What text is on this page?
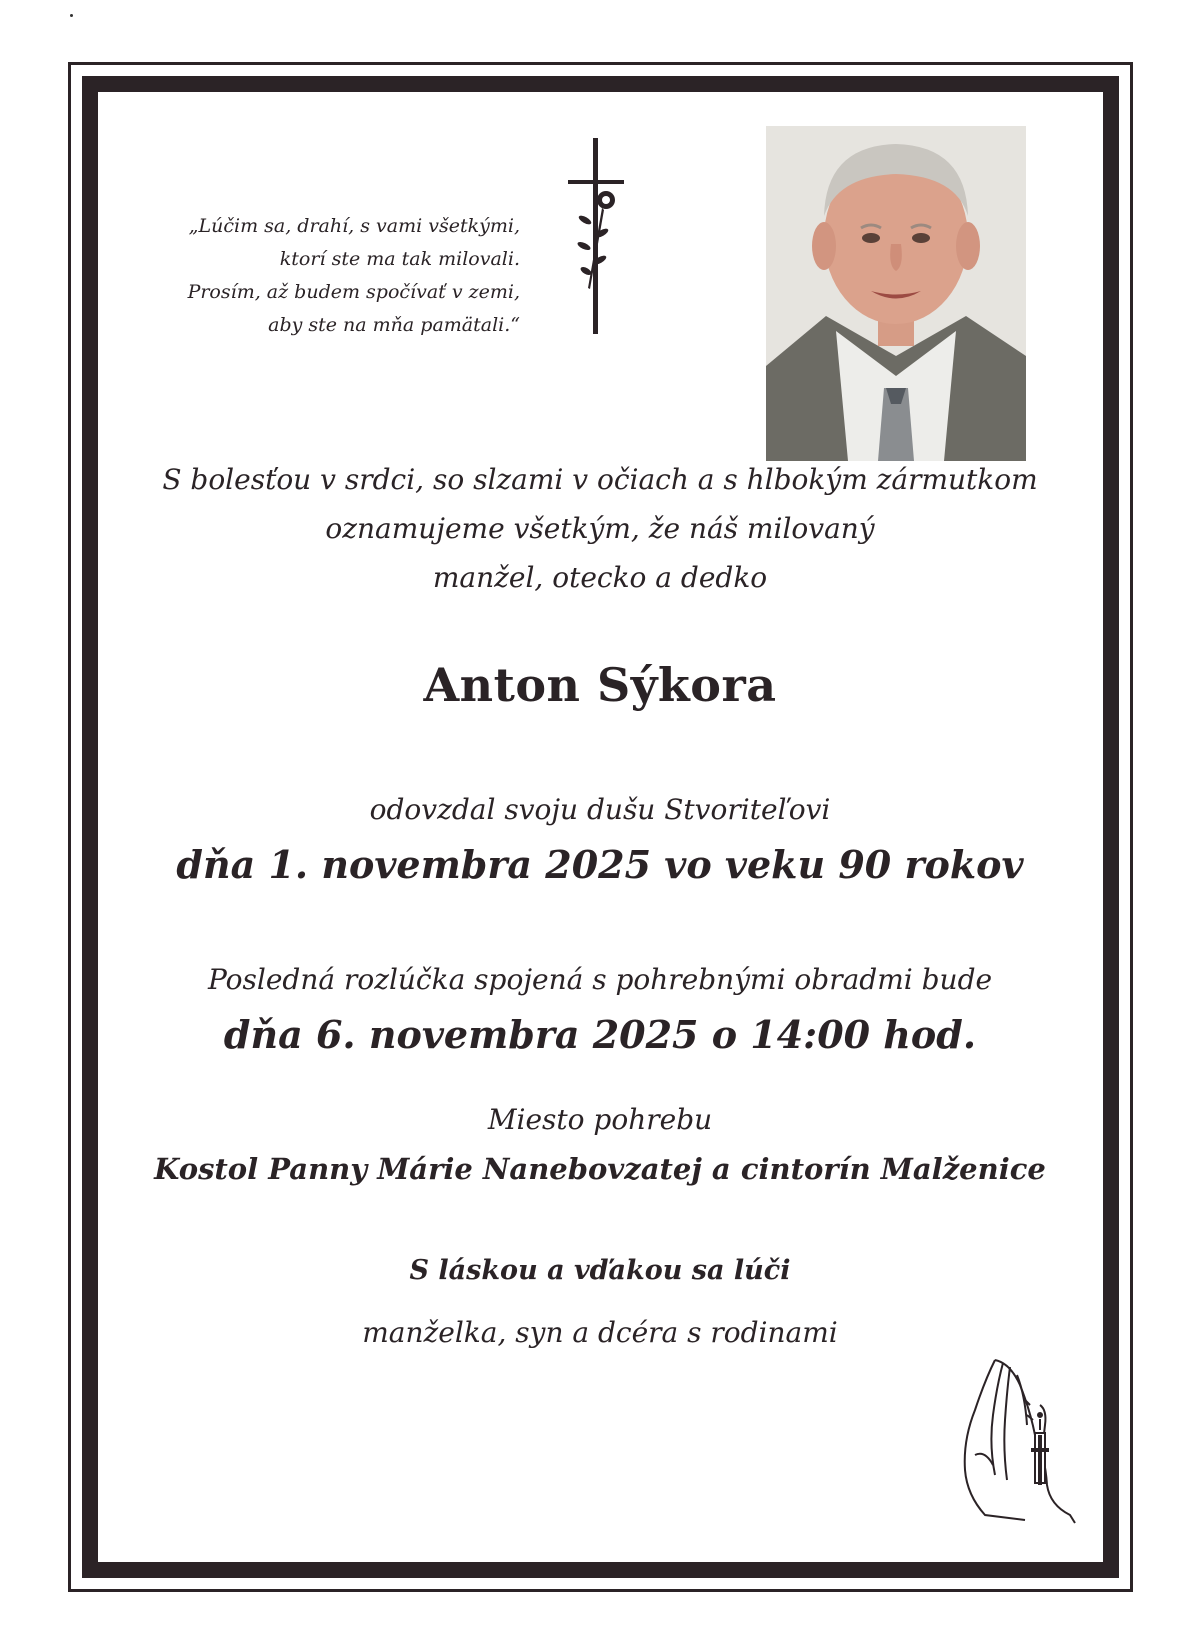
„Lúčim sa, drahí, s vami všetkými,
ktorí ste ma tak milovali.
Prosím, až budem spočívať v zemi,
aby ste na mňa pamätali.“
S bolesťou v srdci, so slzami v očiach a s hlbokým zármutkom
oznamujeme všetkým, že náš milovaný
manžel, otecko a dedko
Anton Sýkora
odovzdal svoju dušu Stvoriteľovi
dňa 1. novembra 2025 vo veku 90 rokov
Posledná rozlúčka spojená s pohrebnými obradmi bude
dňa 6. novembra 2025 o 14:00 hod.
Miesto pohrebu
Kostol Panny Márie Nanebovzatej a cintorín Malženice
S láskou a vďakou sa lúči
manželka, syn a dcéra s rodinami
